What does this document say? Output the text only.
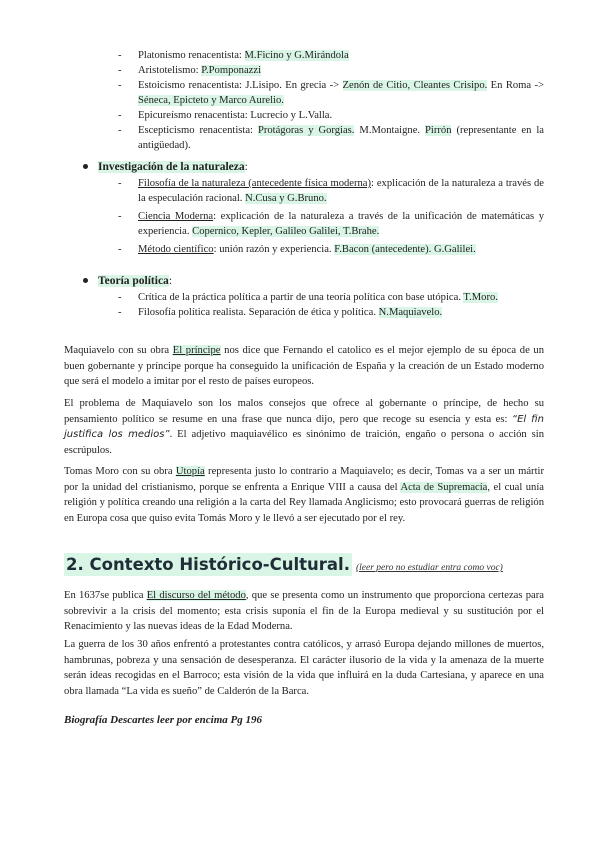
- Platonismo renacentista: M.Ficino y G.Mirándola
- Aristotelismo: P.Pomponazzi
- Estoicismo renacentista: J.Lisipo. En grecia -> Zenón de Citio, Cleantes Crisipo. En Roma -> Séneca, Epicteto y Marco Aurelio.
- Epicureísmo renacentista: Lucrecio y L.Valla.
- Escepticismo renacentista: Protágoras y Gorgias. M.Montaigne. Pirrón (representante en la antigüedad).
Investigación de la naturaleza:
- Filosofía de la naturaleza (antecedente física moderna): explicación de la naturaleza a través de la especulación racional. N.Cusa y G.Bruno.
- Ciencia Moderna: explicación de la naturaleza a través de la unificación de matemáticas y experiencia. Copernico, Kepler, Galileo Galilei, T.Brahe.
- Método científico: unión razón y experiencia. F.Bacon (antecedente). G.Galilei.
Teoría política:
- Crítica de la práctica política a partir de una teoría política con base utópica. T.Moro.
- Filosofía política realista. Separación de ética y política. N.Maquiavelo.

Maquiavelo con su obra El príncipe nos dice que Fernando el catolico es el mejor ejemplo de su época de un buen gobernante y príncipe porque ha conseguido la unificación de España y la creación de un Estado moderno que será el modelo a imitar por el resto de países europeos.

El problema de Maquiavelo son los malos consejos que ofrece al gobernante o príncipe, de hecho su pensamiento político se resume en una frase que nunca dijo, pero que recoge su esencia y esta es: “El fin justifica los medios”. El adjetivo maquiavélico es sinónimo de traición, engaño o persona o acción sin escrúpulos.

Tomas Moro con su obra Utopía representa justo lo contrario a Maquiavelo; es decir, Tomas va a ser un mártir por la unidad del cristianismo, porque se enfrenta a Enrique VIII a causa del Acta de Supremacía, el cual unía religión y política creando una religión a la carta del Rey llamada Anglicismo; esto provocará guerras de religión en Europa cosa que quiso evita Tomás Moro y le llevó a ser ejecutado por el rey.

2. Contexto Histórico-Cultural. (leer pero no estudiar entra como voc)

En 1637se publica El discurso del método, que se presenta como un instrumento que proporciona certezas para sobrevivir a la crisis del momento; esta crisis suponía el fin de la Europa medieval y su sustitución por el Renacimiento y las nuevas ideas de la Edad Moderna.

La guerra de los 30 años enfrentó a protestantes contra católicos, y arrasó Europa dejando millones de muertos, hambrunas, pobreza y una sensación de desesperanza. El carácter ilusorio de la vida y la amenaza de la muerte serán ideas recogidas en el Barroco; esta visión de la vida que influirá en la duda Cartesiana, y aparece en una obra llamada “La vida es sueño” de Calderón de la Barca.

Biografía Descartes leer por encima Pg 196
